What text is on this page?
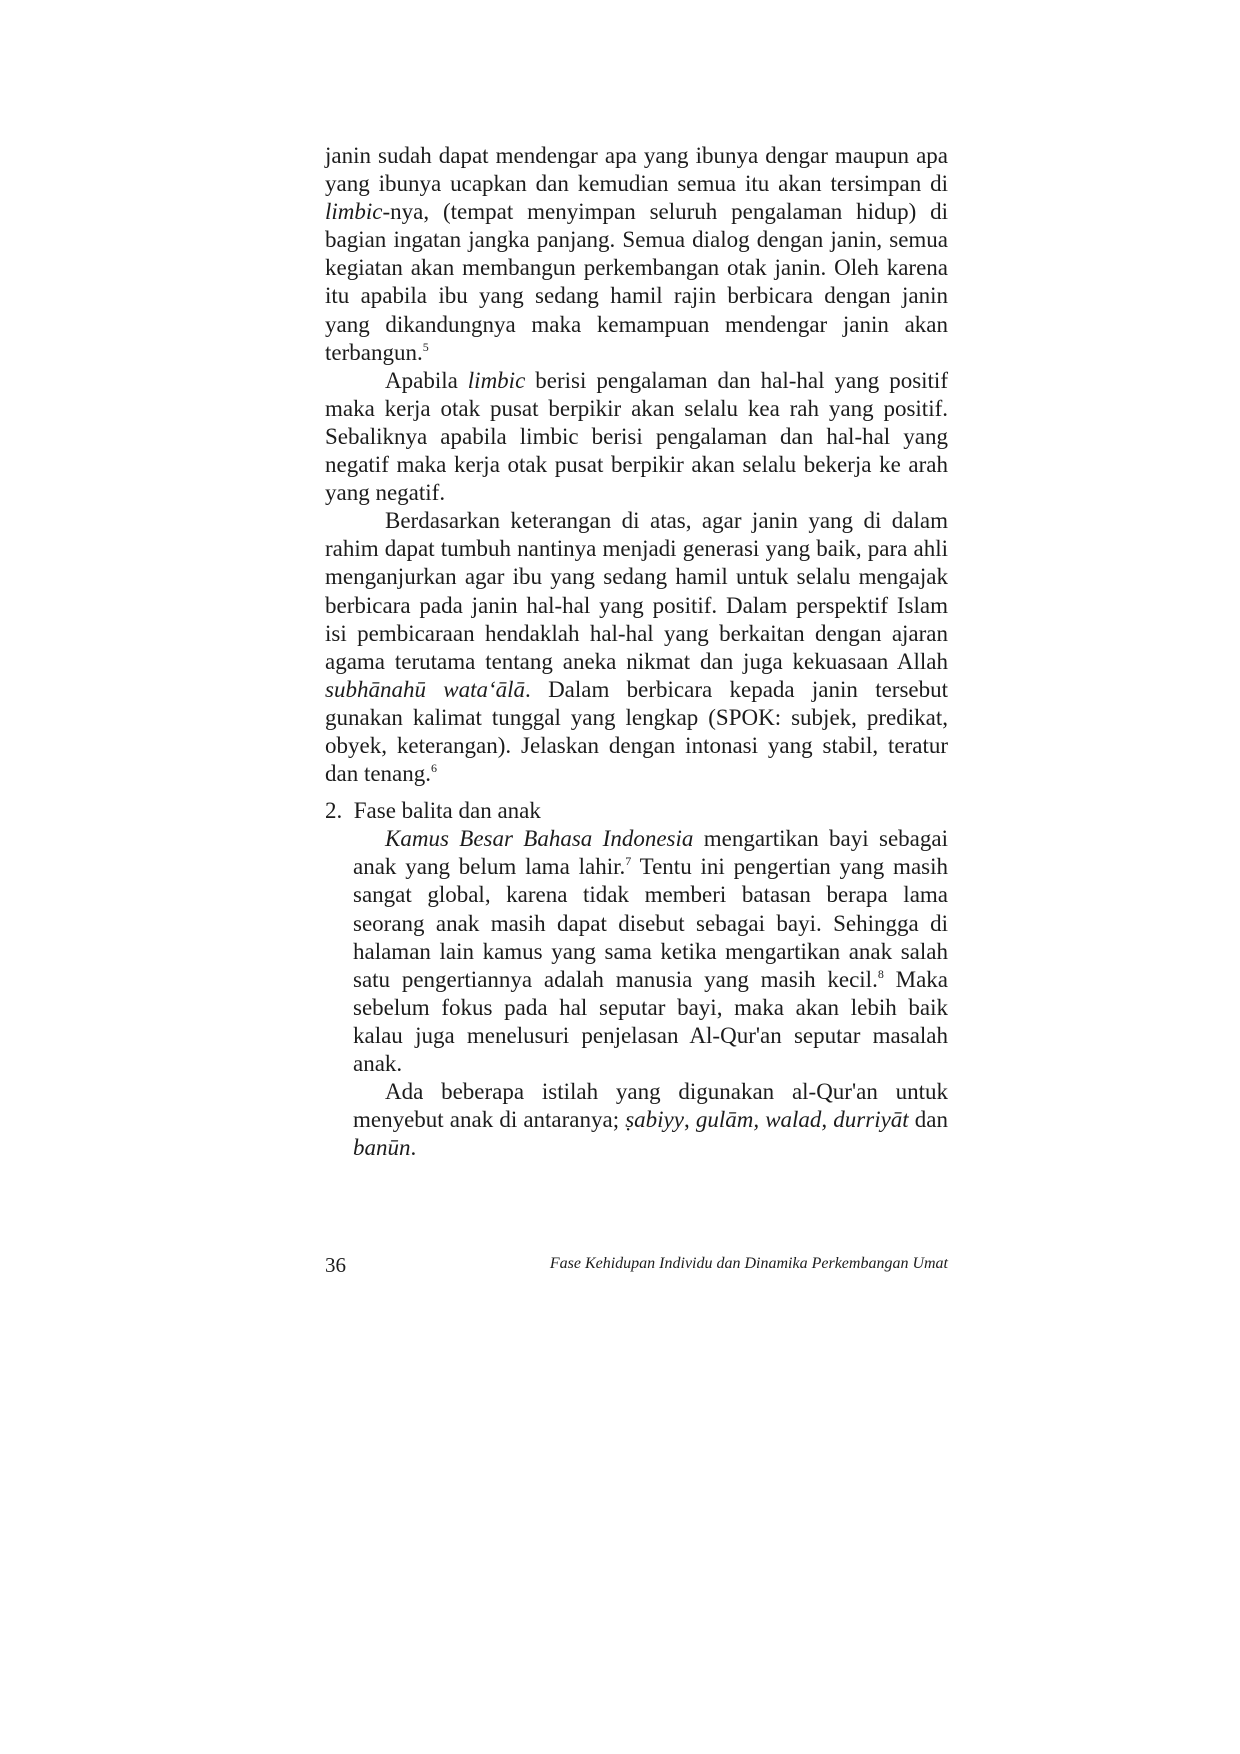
janin sudah dapat mendengar apa yang ibunya dengar maupun apa yang ibunya ucapkan dan kemudian semua itu akan tersimpan di limbic-nya, (tempat menyimpan seluruh pengalaman hidup) di bagian ingatan jangka panjang. Semua dialog dengan janin, semua kegiatan akan membangun perkembangan otak janin. Oleh karena itu apabila ibu yang sedang hamil rajin berbicara dengan janin yang dikandungnya maka kemampuan mendengar janin akan terbangun.$^5$

Apabila limbic berisi pengalaman dan hal-hal yang positif maka kerja otak pusat berpikir akan selalu kea rah yang positif. Sebaliknya apabila limbic berisi pengalaman dan hal-hal yang negatif maka kerja otak pusat berpikir akan selalu bekerja ke arah yang negatif.

Berdasarkan keterangan di atas, agar janin yang di dalam rahim dapat tumbuh nantinya menjadi generasi yang baik, para ahli menganjurkan agar ibu yang sedang hamil untuk selalu mengajak berbicara pada janin hal-hal yang positif. Dalam perspektif Islam isi pembicaraan hendaklah hal-hal yang berkaitan dengan ajaran agama terutama tentang aneka nikmat dan juga kekuasaan Allah subhānahū wata‘ālā. Dalam berbicara kepada janin tersebut gunakan kalimat tunggal yang lengkap (SPOK: subjek, predikat, obyek, keterangan). Jelaskan dengan intonasi yang stabil, teratur dan tenang.$^6$

2. Fase balita dan anak

Kamus Besar Bahasa Indonesia mengartikan bayi sebagai anak yang belum lama lahir.$^7$ Tentu ini pengertian yang masih sangat global, karena tidak memberi batasan berapa lama seorang anak masih dapat disebut sebagai bayi. Sehingga di halaman lain kamus yang sama ketika mengartikan anak salah satu pengertiannya adalah manusia yang masih kecil.$^8$ Maka sebelum fokus pada hal seputar bayi, maka akan lebih baik kalau juga menelusuri penjelasan Al-Qur'an seputar masalah anak.

Ada beberapa istilah yang digunakan al-Qur'an untuk menyebut anak di antaranya; ṣabiyy, gulām, walad, durriyāt dan banūn.

36	Fase Kehidupan Individu dan Dinamika Perkembangan Umat
